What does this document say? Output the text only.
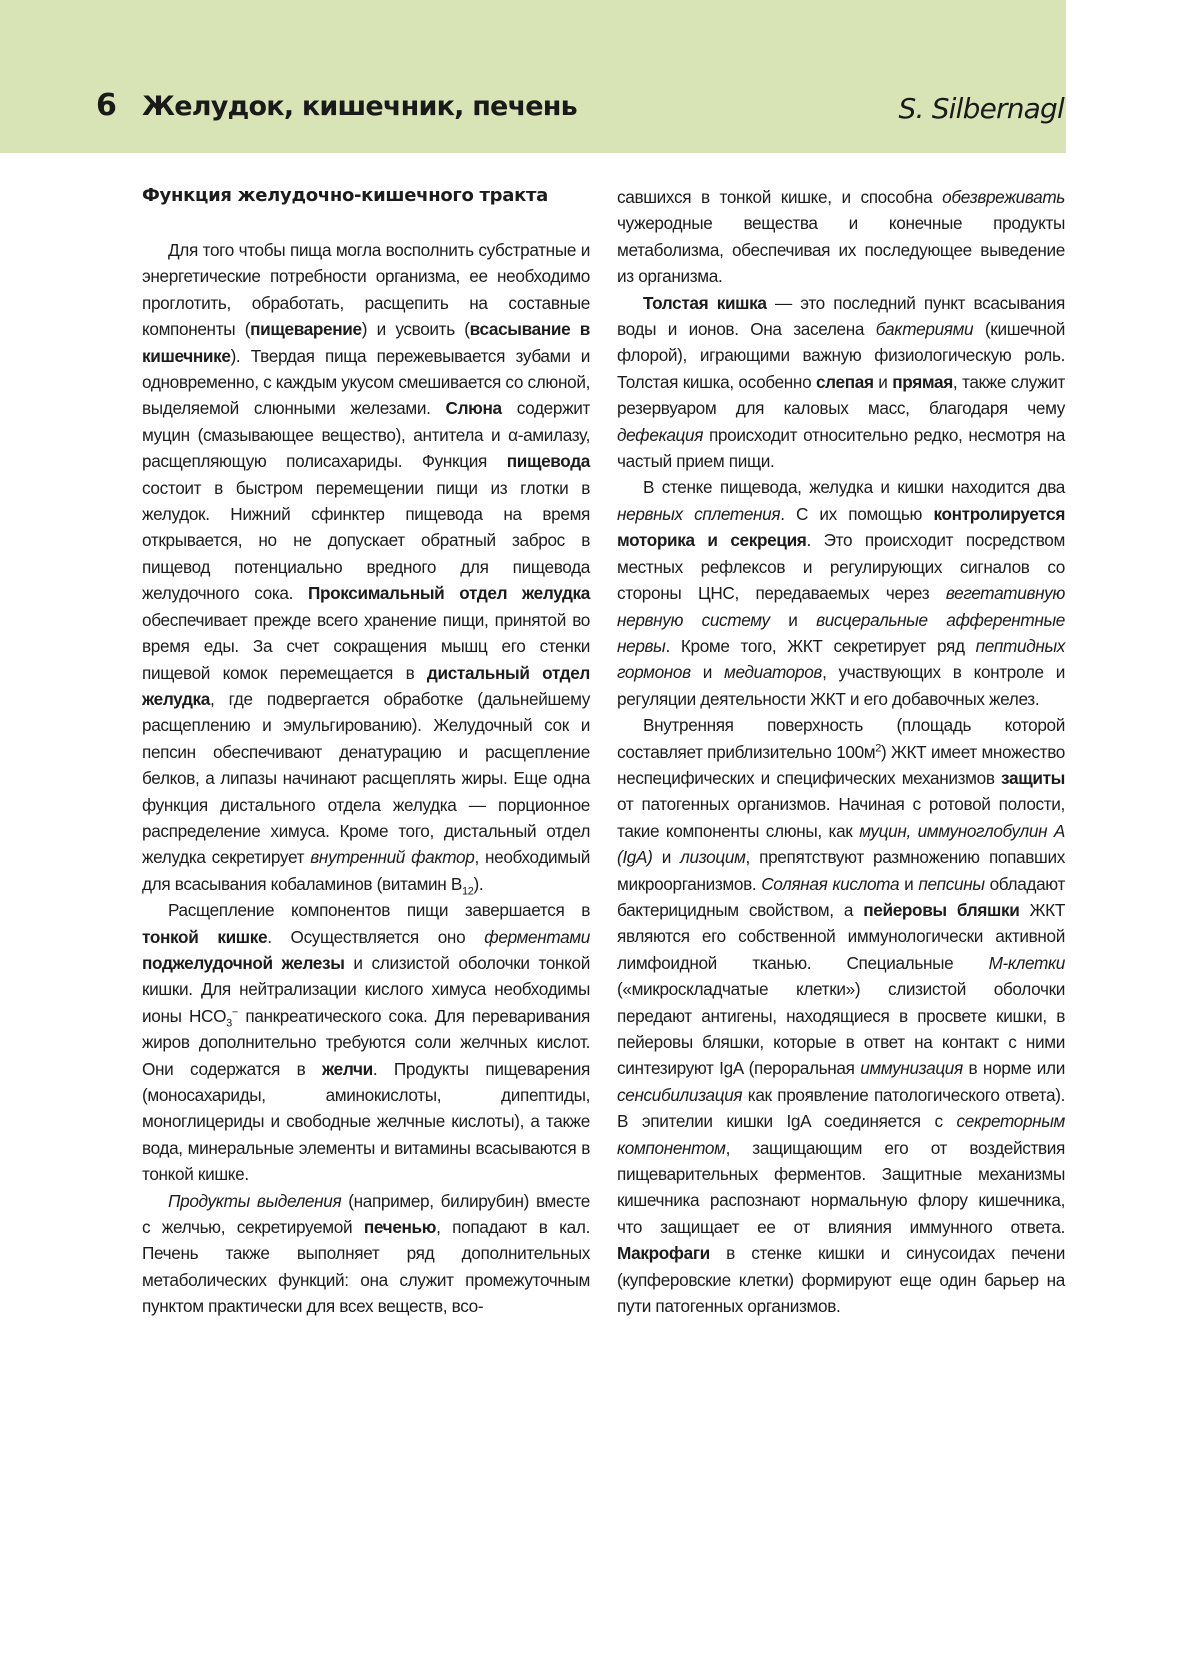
6 Желудок, кишечник, печень	S. Silbernagl
Функция желудочно-кишечного тракта

Для того чтобы пища могла восполнить субстратные и энергетические потребности организма, ее необходимо проглотить, обработать, расщепить на составные компоненты (пищеварение) и усвоить (всасывание в кишечнике). Твердая пища пережевывается зубами и одновременно, с каждым укусом смешивается со слюной, выделяемой слюнными железами. Слюна содержит муцин (смазывающее вещество), антитела и α-амилазу, расщепляющую полисахариды. Функция пищевода состоит в быстром перемещении пищи из глотки в желудок. Нижний сфинктер пищевода на время открывается, но не допускает обратный заброс в пищевод потенциально вредного для пищевода желудочного сока. Проксимальный отдел желудка обеспечивает прежде всего хранение пищи, принятой во время еды. За счет сокращения мышц его стенки пищевой комок перемещается в дистальный отдел желудка, где подвергается обработке (дальнейшему расщеплению и эмульгированию). Желудочный сок и пепсин обеспечивают денатурацию и расщепление белков, а липазы начинают расщеплять жиры. Еще одна функция дистального отдела желудка — порционное распределение химуса. Кроме того, дистальный отдел желудка секретирует внутренний фактор, необходимый для всасывания кобаламинов (витамин $B_{12}$).

Расщепление компонентов пищи завершается в тонкой кишке. Осуществляется оно ферментами поджелудочной железы и слизистой оболочки тонкой кишки. Для нейтрализации кислого химуса необходимы ионы $HCO_3^-$ панкреатического сока. Для переваривания жиров дополнительно требуются соли желчных кислот. Они содержатся в желчи. Продукты пищеварения (моносахариды, аминокислоты, дипептиды, моноглицериды и свободные желчные кислоты), а также вода, минеральные элементы и витамины всасываются в тонкой кишке.

Продукты выделения (например, билирубин) вместе с желчью, секретируемой печенью, попадают в кал. Печень также выполняет ряд дополнительных метаболических функций: она служит промежуточным пунктом практически для всех веществ, всо-

савшихся в тонкой кишке, и способна обезвреживать чужеродные вещества и конечные продукты метаболизма, обеспечивая их последующее выведение из организма.

Толстая кишка — это последний пункт всасывания воды и ионов. Она заселена бактериями (кишечной флорой), играющими важную физиологическую роль. Толстая кишка, особенно слепая и прямая, также служит резервуаром для каловых масс, благодаря чему дефекация происходит относительно редко, несмотря на частый прием пищи.

В стенке пищевода, желудка и кишки находится два нервных сплетения. С их помощью контролируется моторика и секреция. Это происходит посредством местных рефлексов и регулирующих сигналов со стороны ЦНС, передаваемых через вегетативную нервную систему и висцеральные афферентные нервы. Кроме того, ЖКТ секретирует ряд пептидных гормонов и медиаторов, участвующих в контроле и регуляции деятельности ЖКТ и его добавочных желез.

Внутренняя поверхность (площадь которой составляет приблизительно $100м^2$) ЖКТ имеет множество неспецифических и специфических механизмов защиты от патогенных организмов. Начиная с ротовой полости, такие компоненты слюны, как муцин, иммуноглобулин A (IgA) и лизоцим, препятствуют размножению попавших микроорганизмов. Соляная кислота и пепсины обладают бактерицидным свойством, а пейеровы бляшки ЖКТ являются его собственной иммунологически активной лимфоидной тканью. Специальные M-клетки («микроскладчатые клетки») слизистой оболочки передают антигены, находящиеся в просвете кишки, в пейеровы бляшки, которые в ответ на контакт с ними синтезируют IgA (пероральная иммунизация в норме или сенсибилизация как проявление патологического ответа). В эпителии кишки IgA соединяется с секреторным компонентом, защищающим его от воздействия пищеварительных ферментов. Защитные механизмы кишечника распознают нормальную флору кишечника, что защищает ее от влияния иммунного ответа. Макрофаги в стенке кишки и синусоидах печени (купферовские клетки) формируют еще один барьер на пути патогенных организмов.
